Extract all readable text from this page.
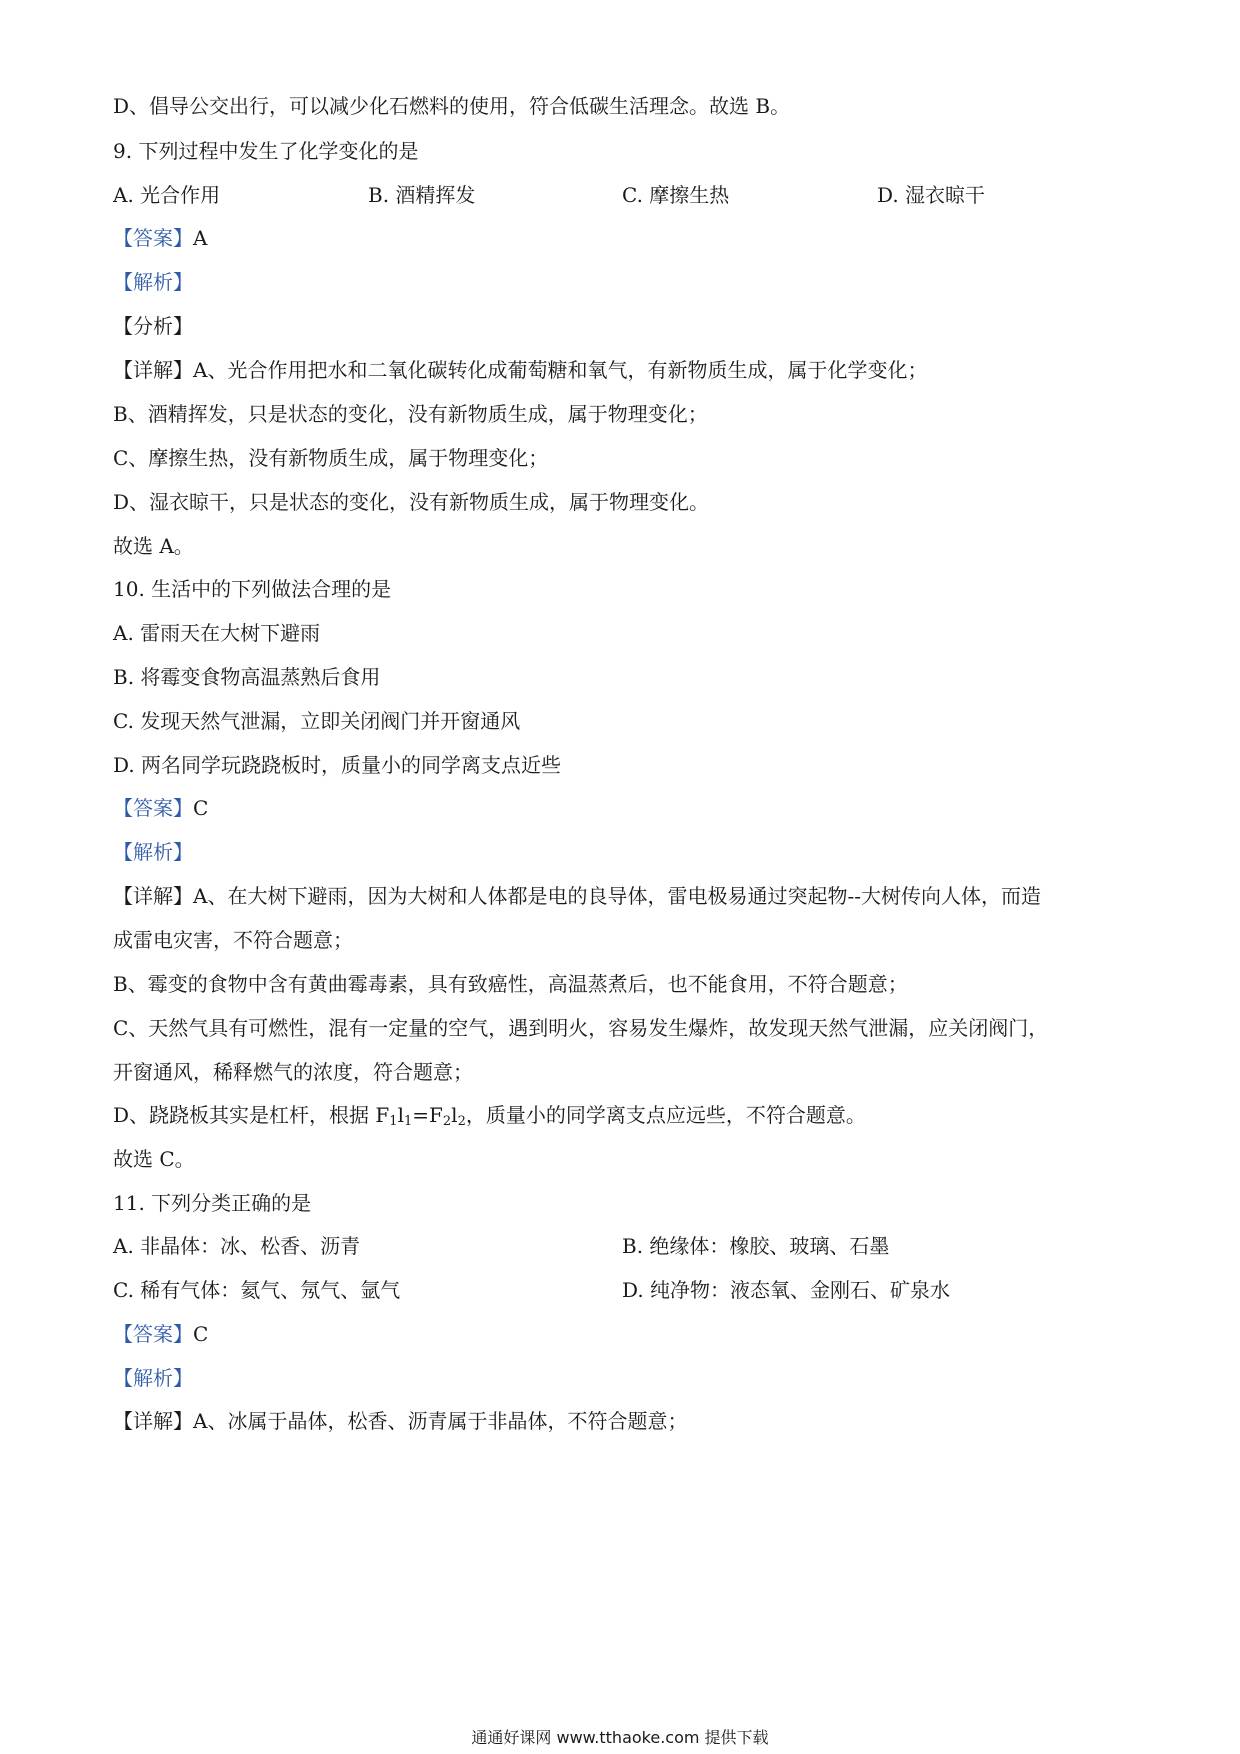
D、倡导公交出行，可以减少化石燃料的使用，符合低碳生活理念。故选 B。
9. 下列过程中发生了化学变化的是
A. 光合作用	B. 酒精挥发	C. 摩擦生热	D. 湿衣晾干
【答案】A
【解析】
【分析】
【详解】A、光合作用把水和二氧化碳转化成葡萄糖和氧气，有新物质生成，属于化学变化；
B、酒精挥发，只是状态的变化，没有新物质生成，属于物理变化；
C、摩擦生热，没有新物质生成，属于物理变化；
D、湿衣晾干，只是状态的变化，没有新物质生成，属于物理变化。
故选 A。
10. 生活中的下列做法合理的是
A. 雷雨天在大树下避雨
B. 将霉变食物高温蒸熟后食用
C. 发现天然气泄漏，立即关闭阀门并开窗通风
D. 两名同学玩跷跷板时，质量小的同学离支点近些
【答案】C
【解析】
【详解】A、在大树下避雨，因为大树和人体都是电的良导体，雷电极易通过突起物--大树传向人体，而造
成雷电灾害，不符合题意；
B、霉变的食物中含有黄曲霉毒素，具有致癌性，高温蒸煮后，也不能食用，不符合题意；
C、天然气具有可燃性，混有一定量的空气，遇到明火，容易发生爆炸，故发现天然气泄漏，应关闭阀门，
开窗通风，稀释燃气的浓度，符合题意；
D、跷跷板其实是杠杆，根据 $F_1l_1=F_2l_2$，质量小的同学离支点应远些，不符合题意。
故选 C。
11. 下列分类正确的是
A. 非晶体：冰、松香、沥青	B. 绝缘体：橡胶、玻璃、石墨
C. 稀有气体：氦气、氖气、氩气	D. 纯净物：液态氧、金刚石、矿泉水
【答案】C
【解析】
【详解】A、冰属于晶体，松香、沥青属于非晶体，不符合题意；
通通好课网 www.tthaoke.com 提供下载
